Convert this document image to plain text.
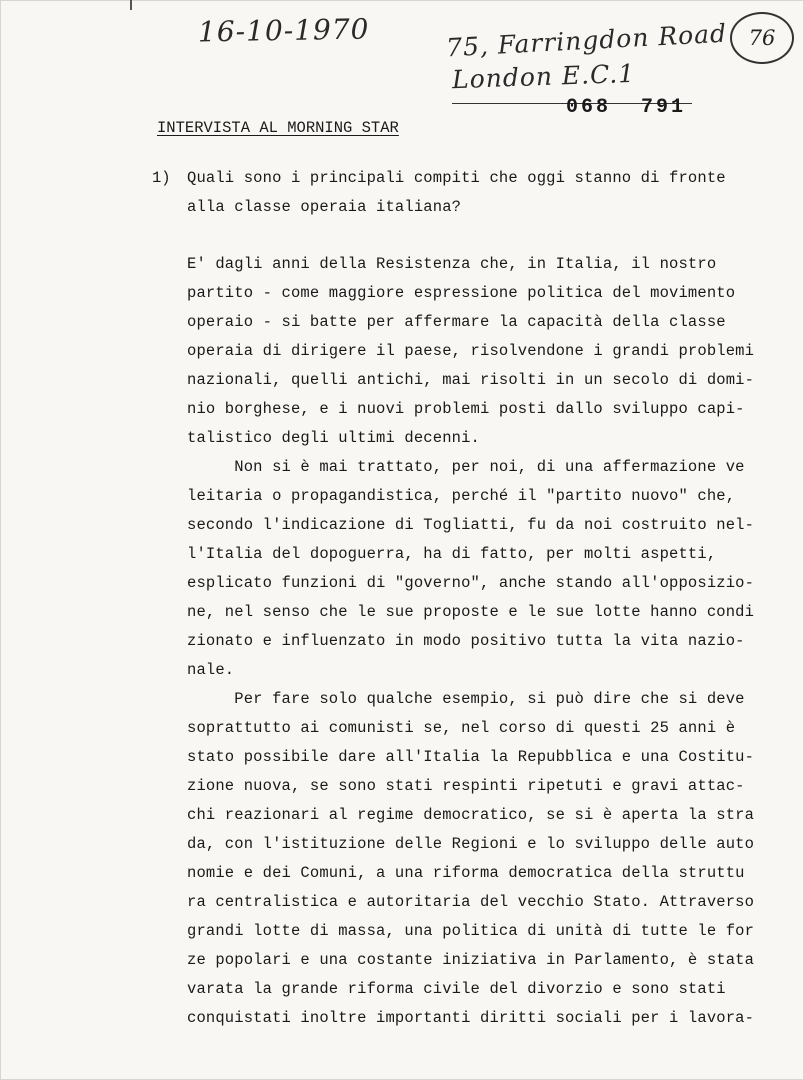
16-10-1970	75, Farringdon Road
London E.C.1
76
068  791
INTERVISTA AL MORNING STAR
1) Quali sono i principali compiti che oggi stanno di fronte
alla classe operaia italiana?
E' dagli anni della Resistenza che, in Italia, il nostro
partito - come maggiore espressione politica del movimento
operaio - si batte per affermare la capacità della classe
operaia di dirigere il paese, risolvendone i grandi problemi
nazionali, quelli antichi, mai risolti in un secolo di domi-
nio borghese, e i nuovi problemi posti dallo sviluppo capi-
talistico degli ultimi decenni.
Non si è mai trattato, per noi, di una affermazione ve
leitaria o propagandistica, perché il "partito nuovo" che,
secondo l'indicazione di Togliatti, fu da noi costruito nel-
l'Italia del dopoguerra, ha di fatto, per molti aspetti,
esplicato funzioni di "governo", anche stando all'opposizio-
ne, nel senso che le sue proposte e le sue lotte hanno condi
zionato e influenzato in modo positivo tutta la vita nazio-
nale.
Per fare solo qualche esempio, si può dire che si deve
soprattutto ai comunisti se, nel corso di questi 25 anni è
stato possibile dare all'Italia la Repubblica e una Costitu-
zione nuova, se sono stati respinti ripetuti e gravi attac-
chi reazionari al regime democratico, se si è aperta la stra
da, con l'istituzione delle Regioni e lo sviluppo delle auto
nomie e dei Comuni, a una riforma democratica della struttu
ra centralistica e autoritaria del vecchio Stato. Attraverso
grandi lotte di massa, una politica di unità di tutte le for
ze popolari e una costante iniziativa in Parlamento, è stata
varata la grande riforma civile del divorzio e sono stati
conquistati inoltre importanti diritti sociali per i lavora-
